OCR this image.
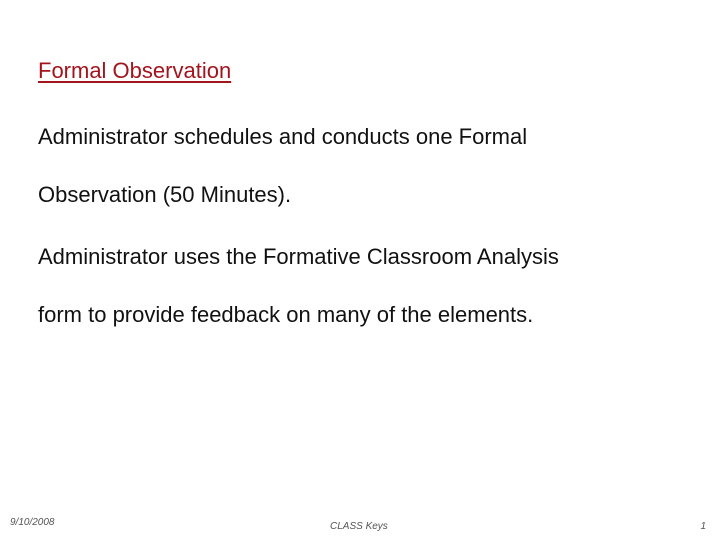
Formal Observation

Administrator schedules and conducts one Formal
Observation (50 Minutes).

Administrator uses the Formative Classroom Analysis
form to provide feedback on many of the elements.

9/10/2008	CLASS Keys	1
